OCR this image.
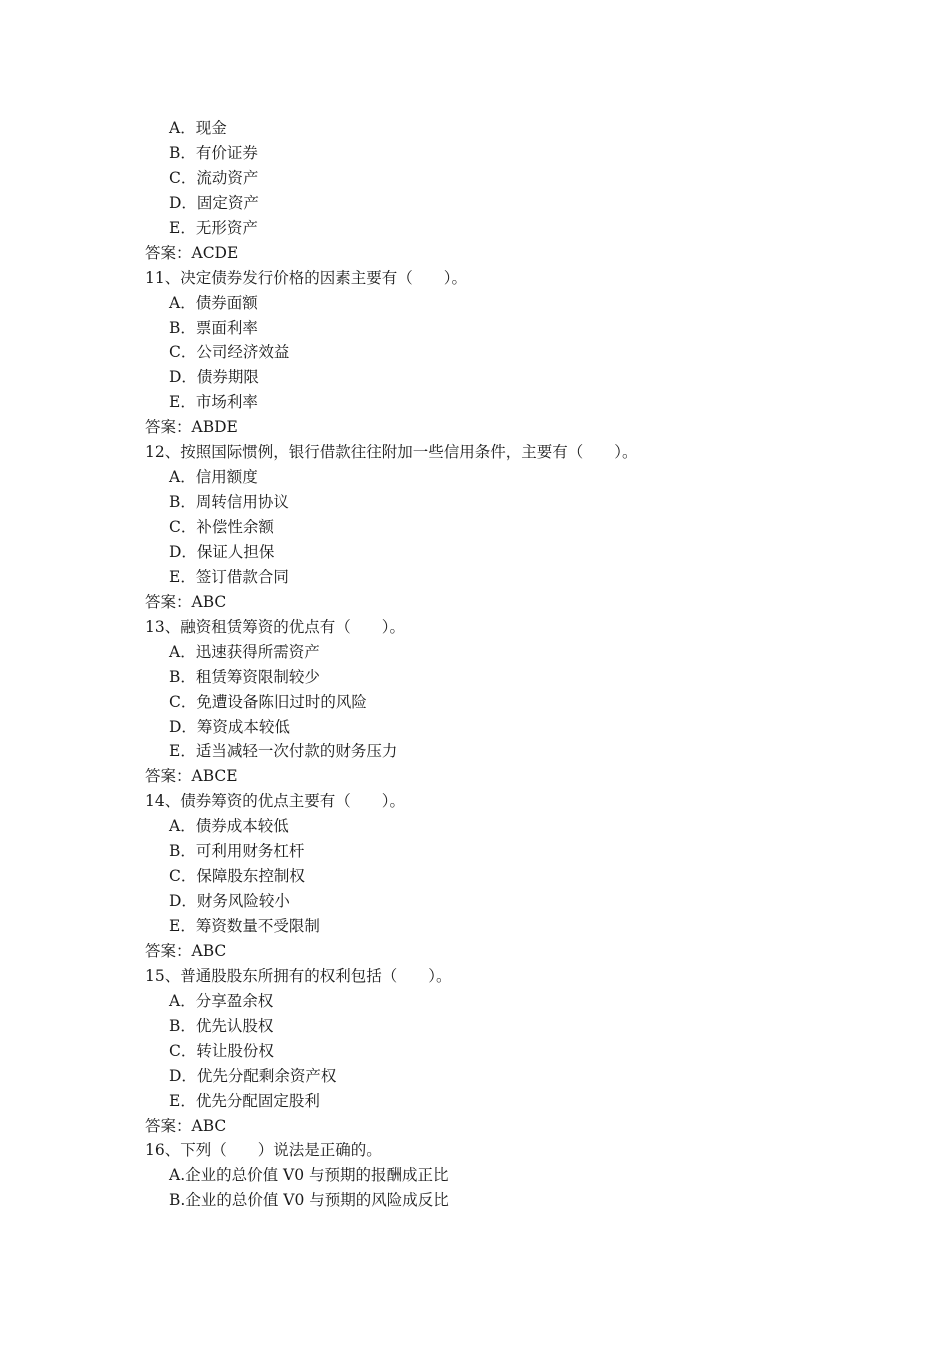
A．现金
B．有价证券
C．流动资产
D．固定资产
E．无形资产
答案：ACDE
11、决定债券发行价格的因素主要有（　　）。
A．债券面额
B．票面利率
C．公司经济效益
D．债券期限
E．市场利率
答案：ABDE
12、按照国际惯例，银行借款往往附加一些信用条件，主要有（　　）。
A．信用额度
B．周转信用协议
C．补偿性余额
D．保证人担保
E．签订借款合同
答案：ABC
13、融资租赁筹资的优点有（　　）。
A．迅速获得所需资产
B．租赁筹资限制较少
C．免遭设备陈旧过时的风险
D．筹资成本较低
E．适当减轻一次付款的财务压力
答案：ABCE
14、债券筹资的优点主要有（　　）。
A．债券成本较低
B．可利用财务杠杆
C．保障股东控制权
D．财务风险较小
E．筹资数量不受限制
答案：ABC
15、普通股股东所拥有的权利包括（　　）。
A．分享盈余权
B．优先认股权
C．转让股份权
D．优先分配剩余资产权
E．优先分配固定股利
答案：ABC
16、下列（　　）说法是正确的。
A.企业的总价值 V0 与预期的报酬成正比
B.企业的总价值 V0 与预期的风险成反比
